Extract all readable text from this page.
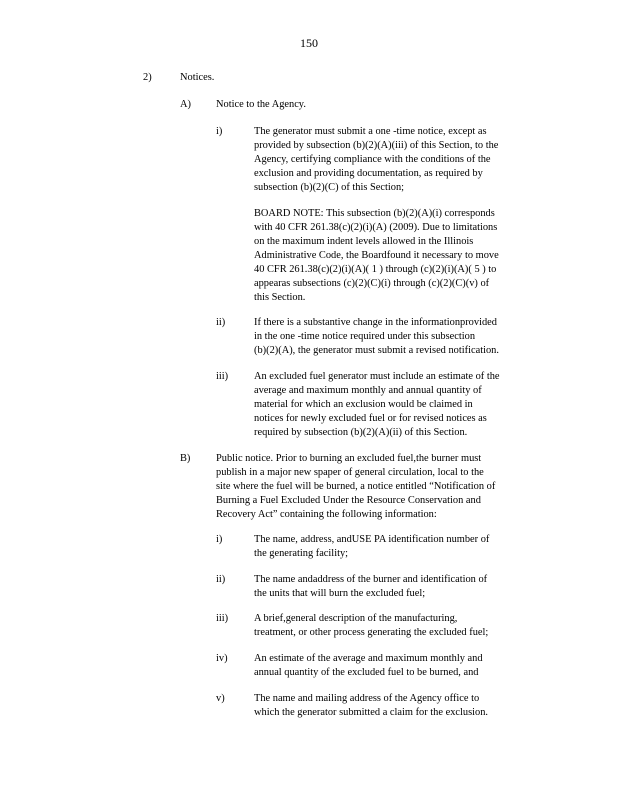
150
2)	Notices.
A) Notice to the Agency.
i)	The generator must submit a one -time notice, except as
provided by subsection (b)(2)(A)(iii) of this Section, to the
Agency, certifying compliance with the conditions of the
exclusion and providing documentation, as required by
subsection (b)(2)(C) of this Section;
BOARD NOTE: This subsection (b)(2)(A)(i) corresponds
with 40 CFR 261.38(c)(2)(i)(A) (2009). Due to limitations
on the maximum indent levels allowed in the Illinois
Administrative Code, the Boardfound it necessary to move
40 CFR 261.38(c)(2)(i)(A)( 1 ) through (c)(2)(i)(A)( 5 ) to
appearas subsections (c)(2)(C)(i) through (c)(2)(C)(v) of
this Section.
ii)	If there is a substantive change in the informationprovided
in the one -time notice required under this subsection
(b)(2)(A), the generator must submit a revised notification.
iii) An excluded fuel generator must include an estimate of the
average and maximum monthly and annual quantity of
material for which an exclusion would be claimed in
notices for newly excluded fuel or for revised notices as
required by subsection (b)(2)(A)(ii) of this Section.
B) Public notice. Prior to burning an excluded fuel,the burner must
publish in a major new spaper of general circulation, local to the
site where the fuel will be burned, a notice entitled “Notification of
Burning a Fuel Excluded Under the Resource Conservation and
Recovery Act” containing the following information:
i)	The name, address, andUSE PA identification number of
the generating facility;
ii)	The name andaddress of the burner and identification of
the units that will burn the excluded fuel;
iii) A brief,general description of the manufacturing,
treatment, or other process generating the excluded fuel;
iv)	An estimate of the average and maximum monthly and
annual quantity of the excluded fuel to be burned, and
v)	The name and mailing address of the Agency office to
which the generator submitted a claim for the exclusion.
